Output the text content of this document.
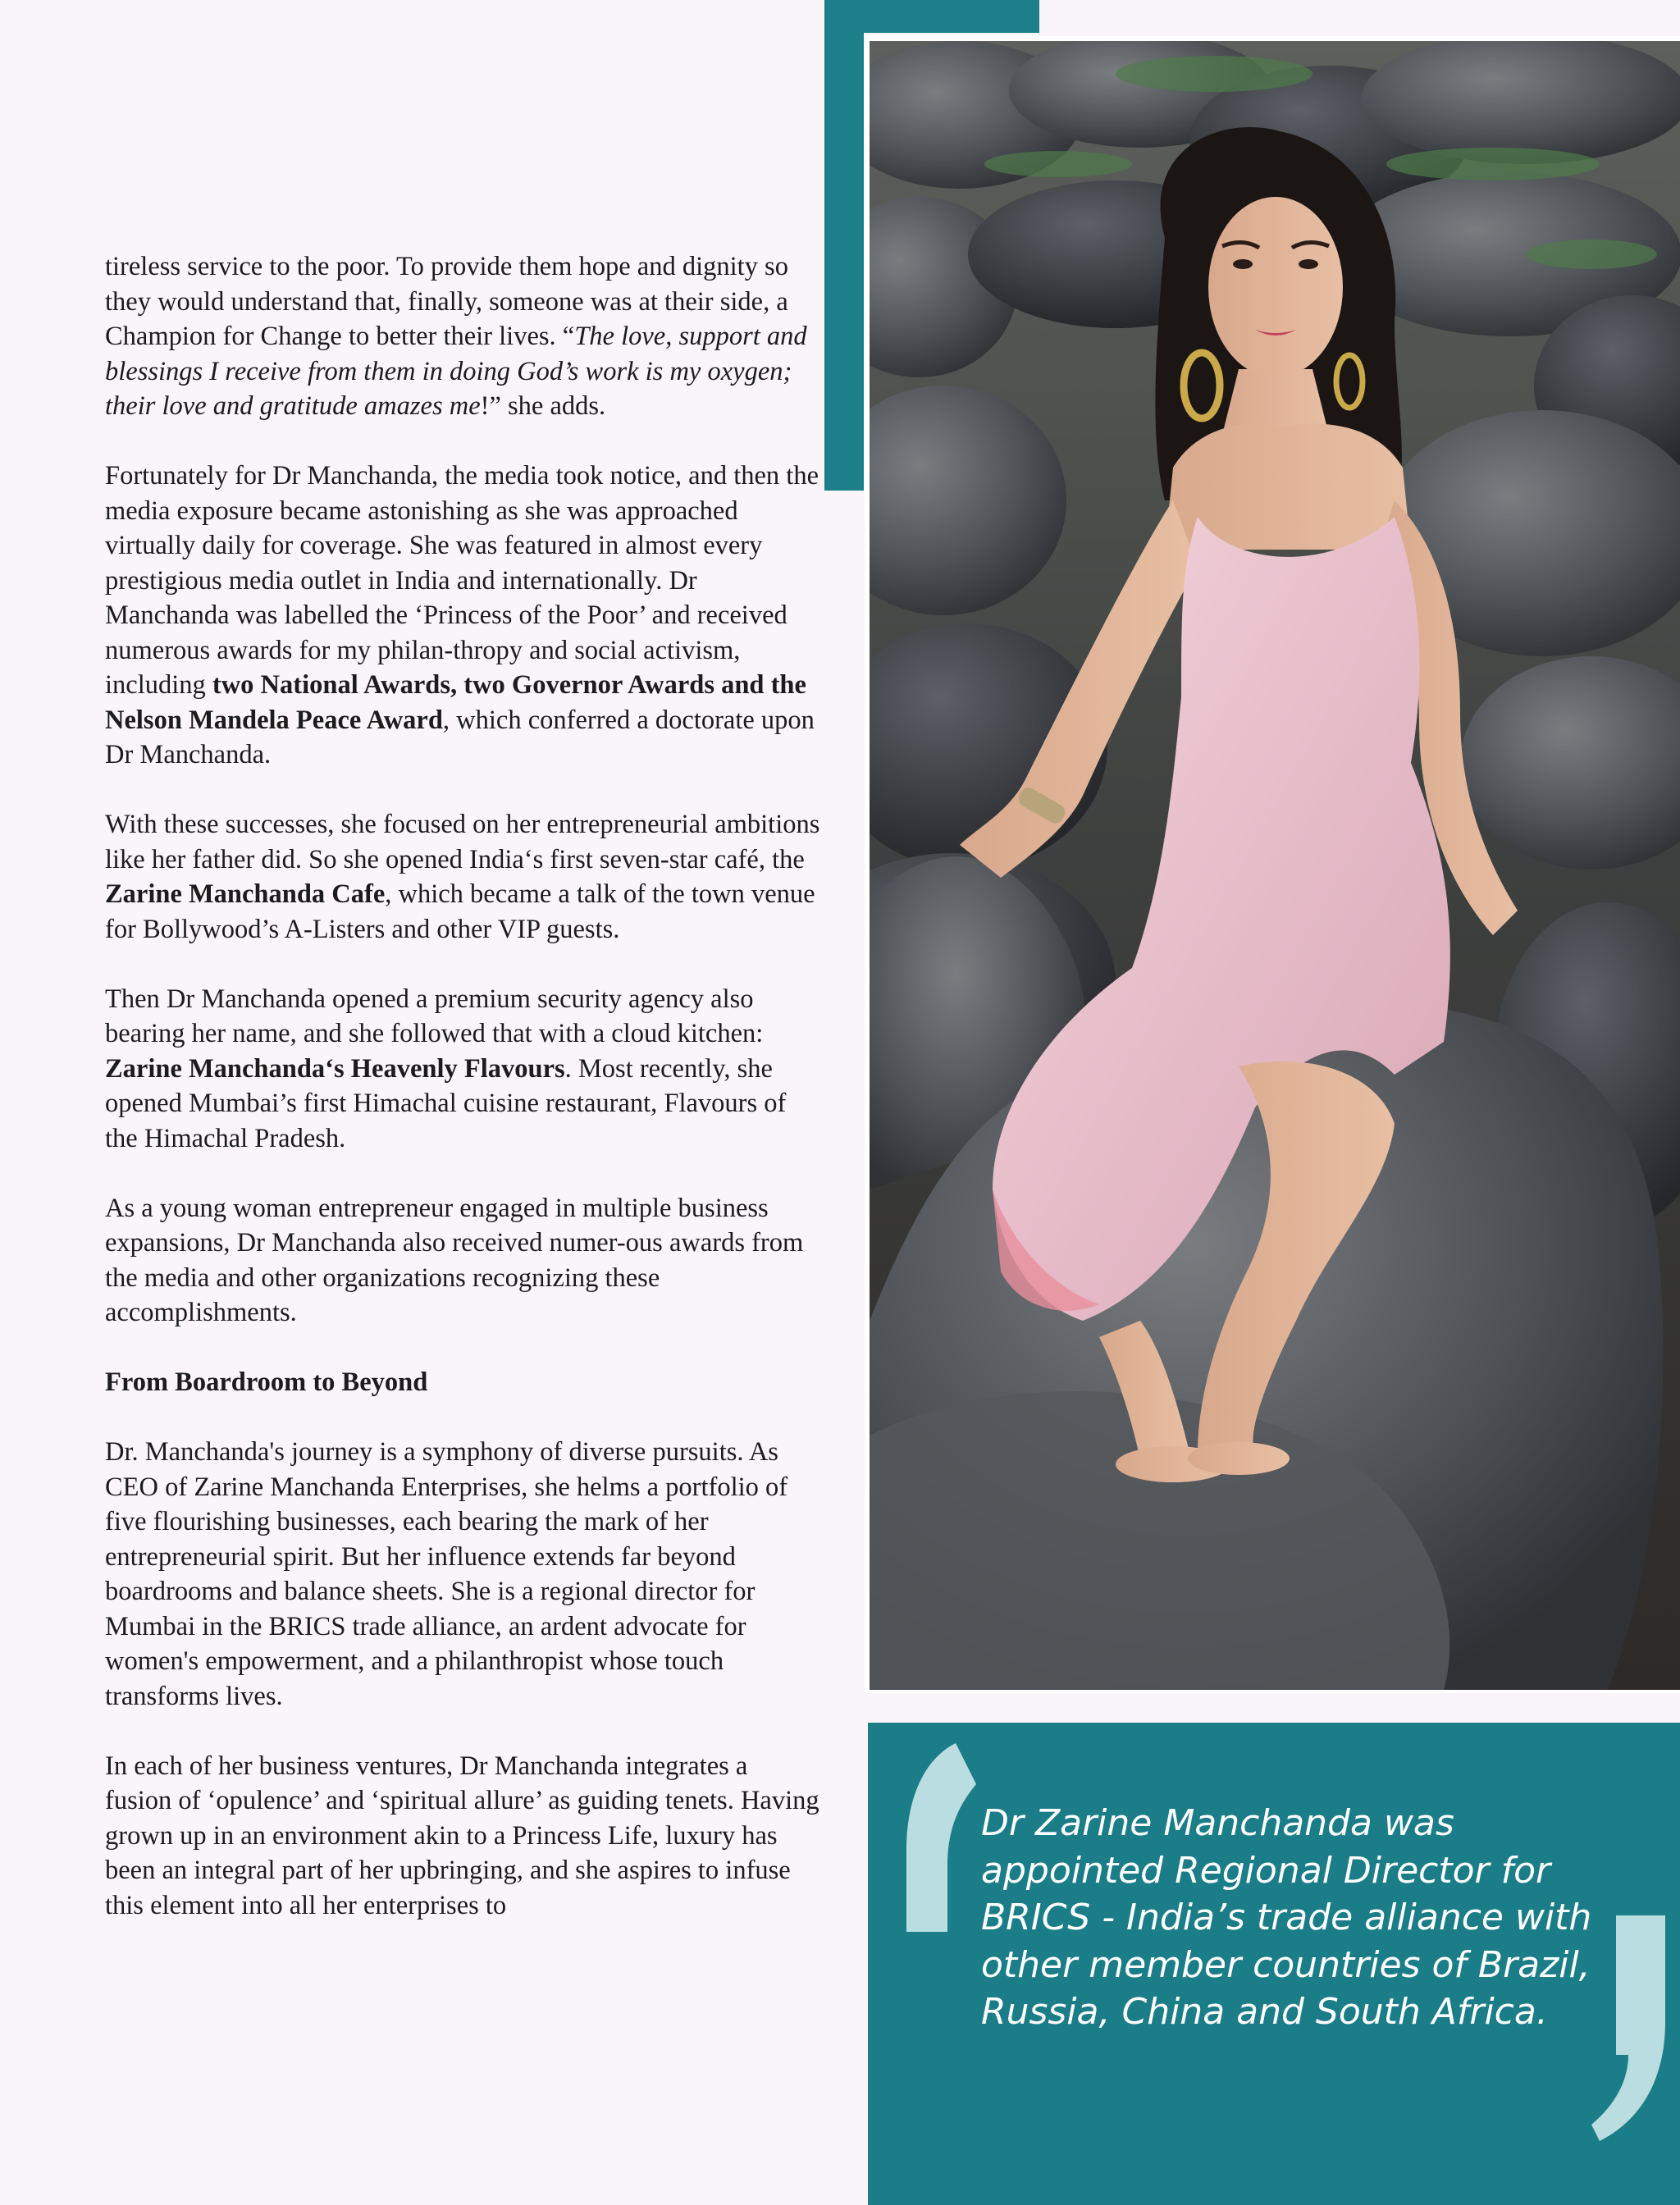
tireless service to the poor. To provide them hope and dignity so they would understand that, finally, someone was at their side, a Champion for Change to better their lives. “The love, support and blessings I receive from them in doing God’s work is my oxygen; their love and gratitude amazes me!” she adds.

Fortunately for Dr Manchanda, the media took notice, and then the media exposure became astonishing as she was approached virtually daily for coverage. She was featured in almost every prestigious media outlet in India and internationally. Dr Manchanda was labelled the ‘Princess of the Poor’ and received numerous awards for my philan-thropy and social activism, including two National Awards, two Governor Awards and the Nelson Mandela Peace Award, which conferred a doctorate upon Dr Manchanda.

With these successes, she focused on her entrepreneurial ambitions like her father did. So she opened India‘s first seven-star café, the Zarine Manchanda Cafe, which became a talk of the town venue for Bollywood’s A-Listers and other VIP guests.

Then Dr Manchanda opened a premium security agency also bearing her name, and she followed that with a cloud kitchen: Zarine Manchanda‘s Heavenly Flavours. Most recently, she opened Mumbai’s first Himachal cuisine restaurant, Flavours of the Himachal Pradesh.

As a young woman entrepreneur engaged in multiple business expansions, Dr Manchanda also received numer-ous awards from the media and other organizations recognizing these accomplishments.

From Boardroom to Beyond

Dr. Manchanda's journey is a symphony of diverse pursuits. As CEO of Zarine Manchanda Enterprises, she helms a portfolio of five flourishing businesses, each bearing the mark of her entrepreneurial spirit. But her influence extends far beyond boardrooms and balance sheets. She is a regional director for Mumbai in the BRICS trade alliance, an ardent advocate for women's empowerment, and a philanthropist whose touch transforms lives.

In each of her business ventures, Dr Manchanda integrates a fusion of ‘opulence’ and ‘spiritual allure’ as guiding tenets. Having grown up in an environment akin to a Princess Life, luxury has been an integral part of her upbringing, and she aspires to infuse this element into all her enterprises to

Dr Zarine Manchanda was appointed Regional Director for BRICS - India’s trade alliance with other member countries of Brazil, Russia, China and South Africa.
